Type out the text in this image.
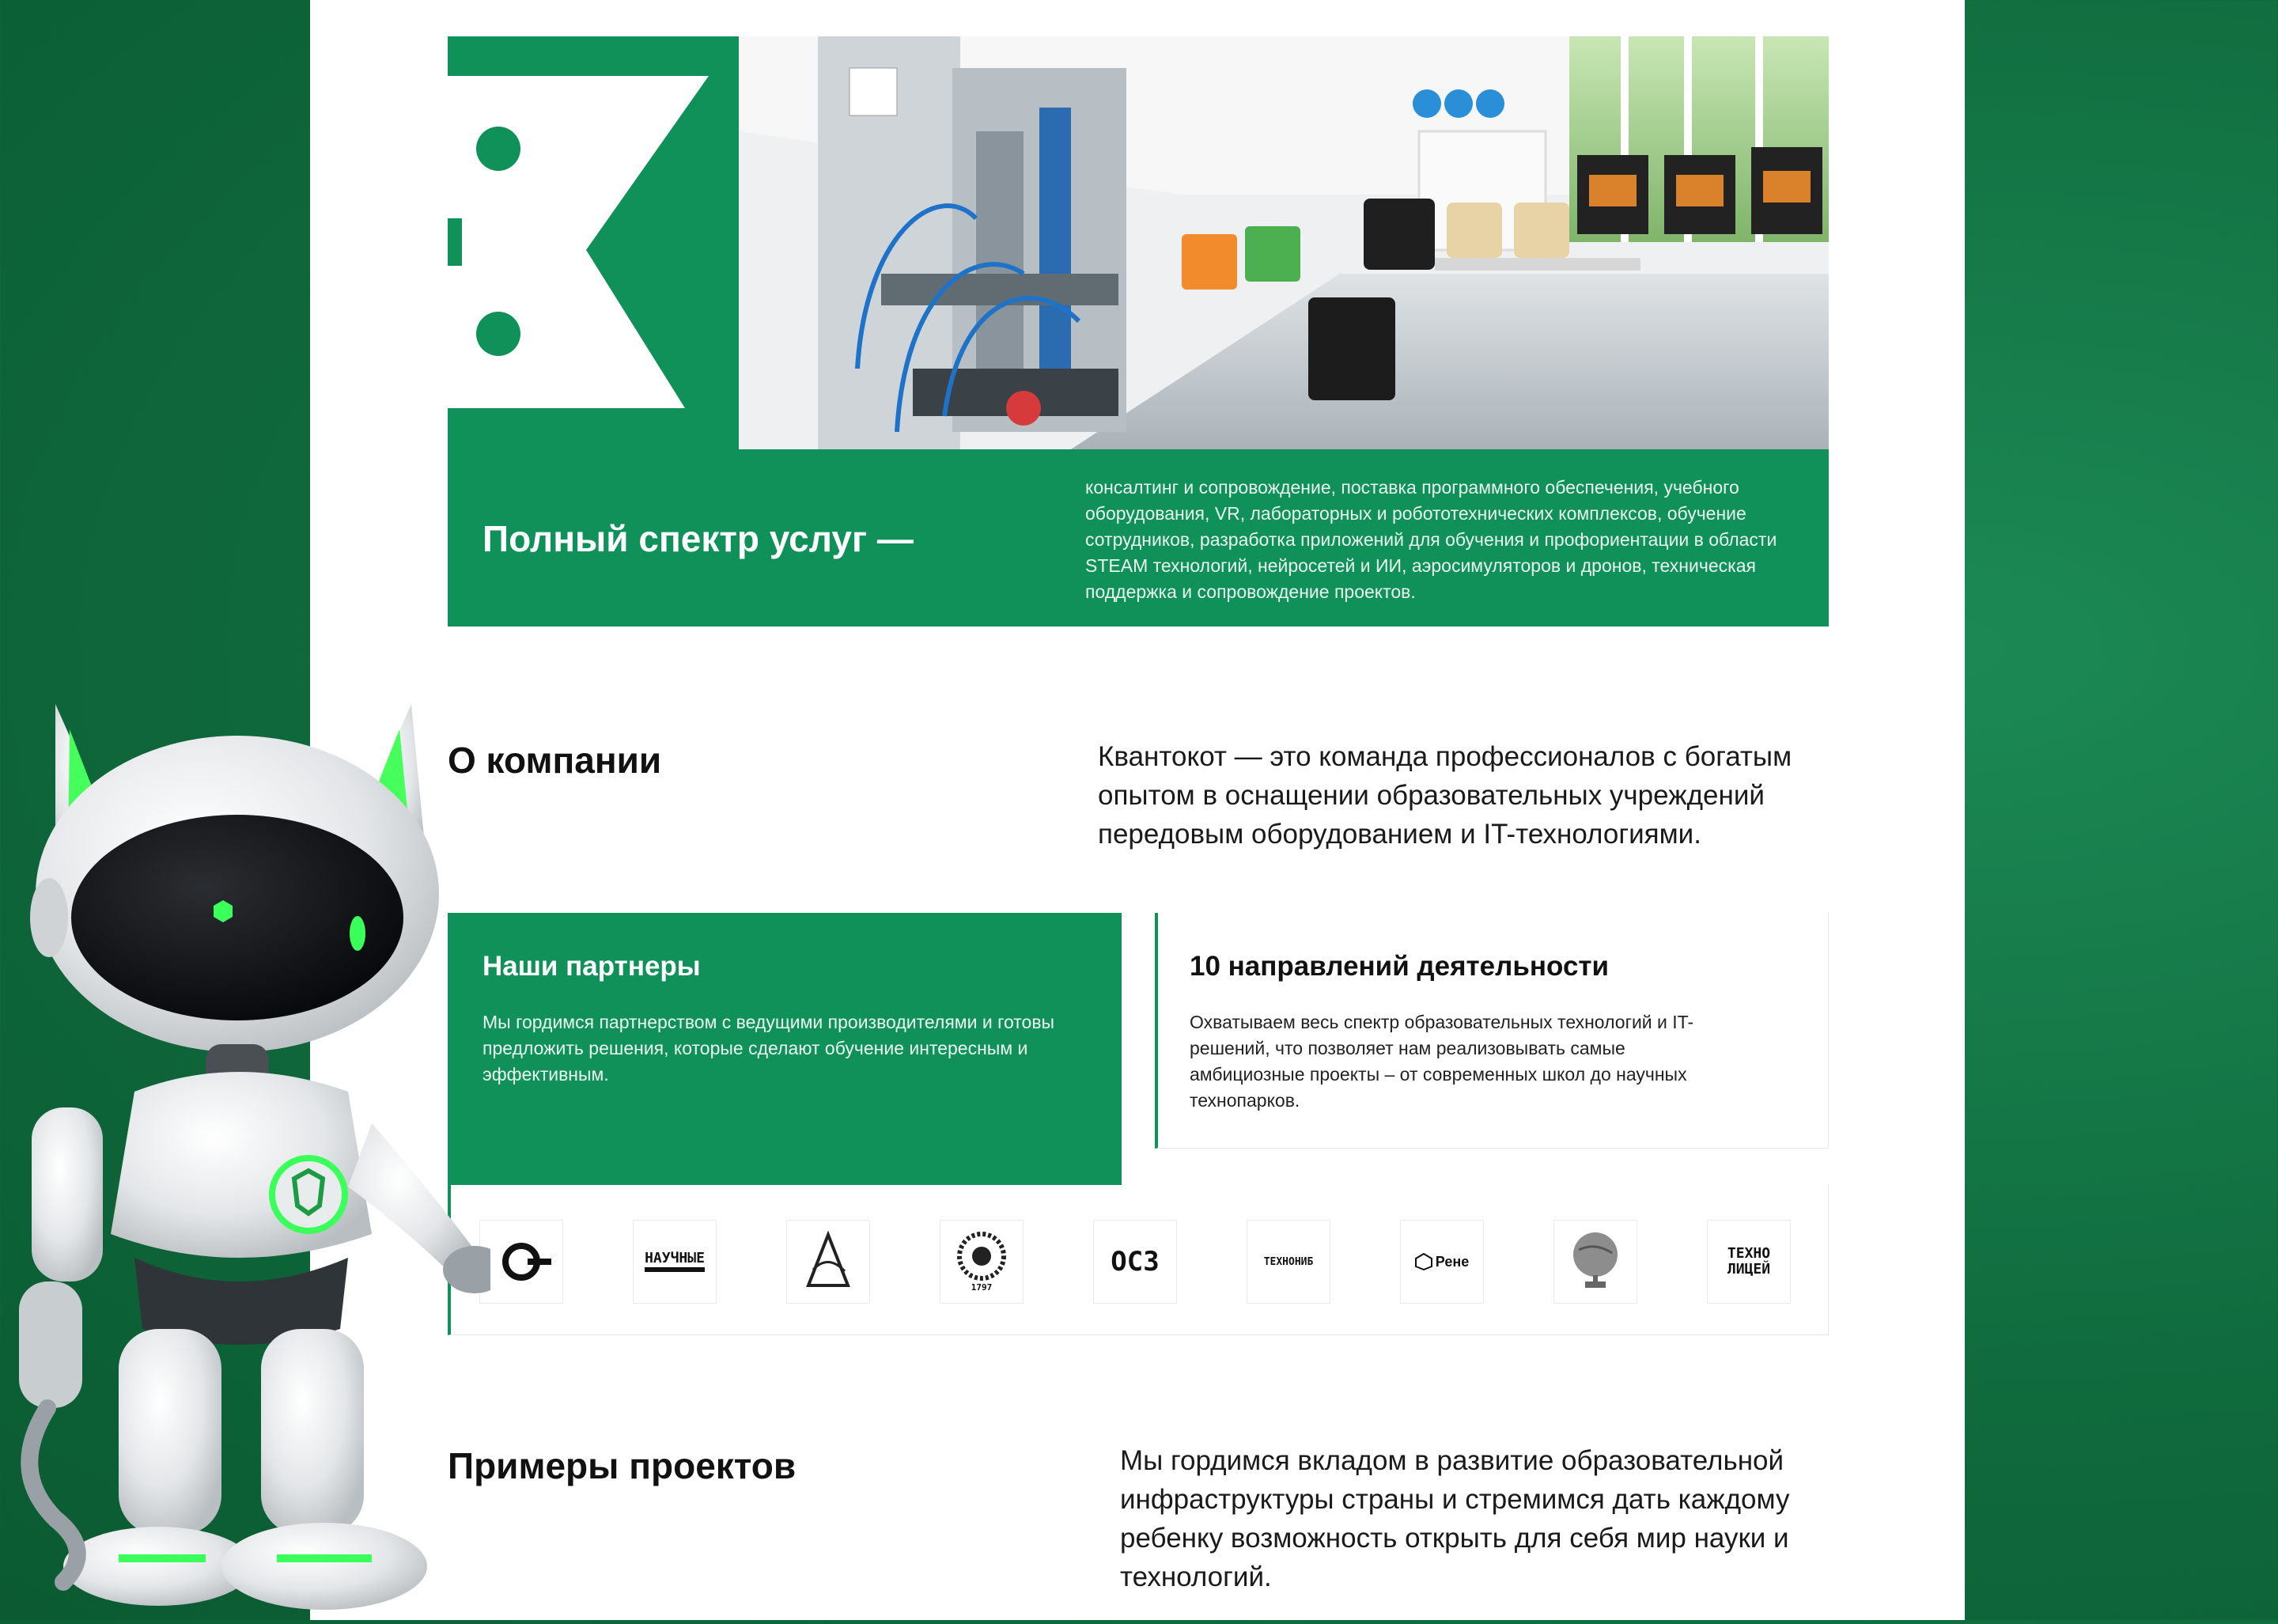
Полный спектр услуг —
консалтинг и сопровождение, поставка программного обеспечения, учебного оборудования, VR, лабораторных и робототехнических комплексов, обучение сотрудников, разработка приложений для обучения и профориентации в области STEAM технологий, нейросетей и ИИ, аэросимуляторов и дронов, техническая поддержка и сопровождение проектов.
О компании	Квантокот — это команда профессионалов с богатым опытом в оснащении образовательных учреждений передовым оборудованием и IT-технологиями.
Наши партнеры
Мы гордимся партнерством с ведущими производителями и готовы предложить решения, которые сделают обучение интересным и эффективным.
10 направлений деятельности
Охватываем весь спектр образовательных технологий и IT-решений, что позволяет нам реализовывать самые амбициозные проекты – от современных школ до научных технопарков.
НАУЧНЫЕ
1797
ОСЗ	ТЕХНОНИБ	Рене	ТЕХНО ЛИЦЕЙ
Примеры проектов	Мы гордимся вкладом в развитие образовательной инфраструктуры страны и стремимся дать каждому ребенку возможность открыть для себя мир науки и технологий.
